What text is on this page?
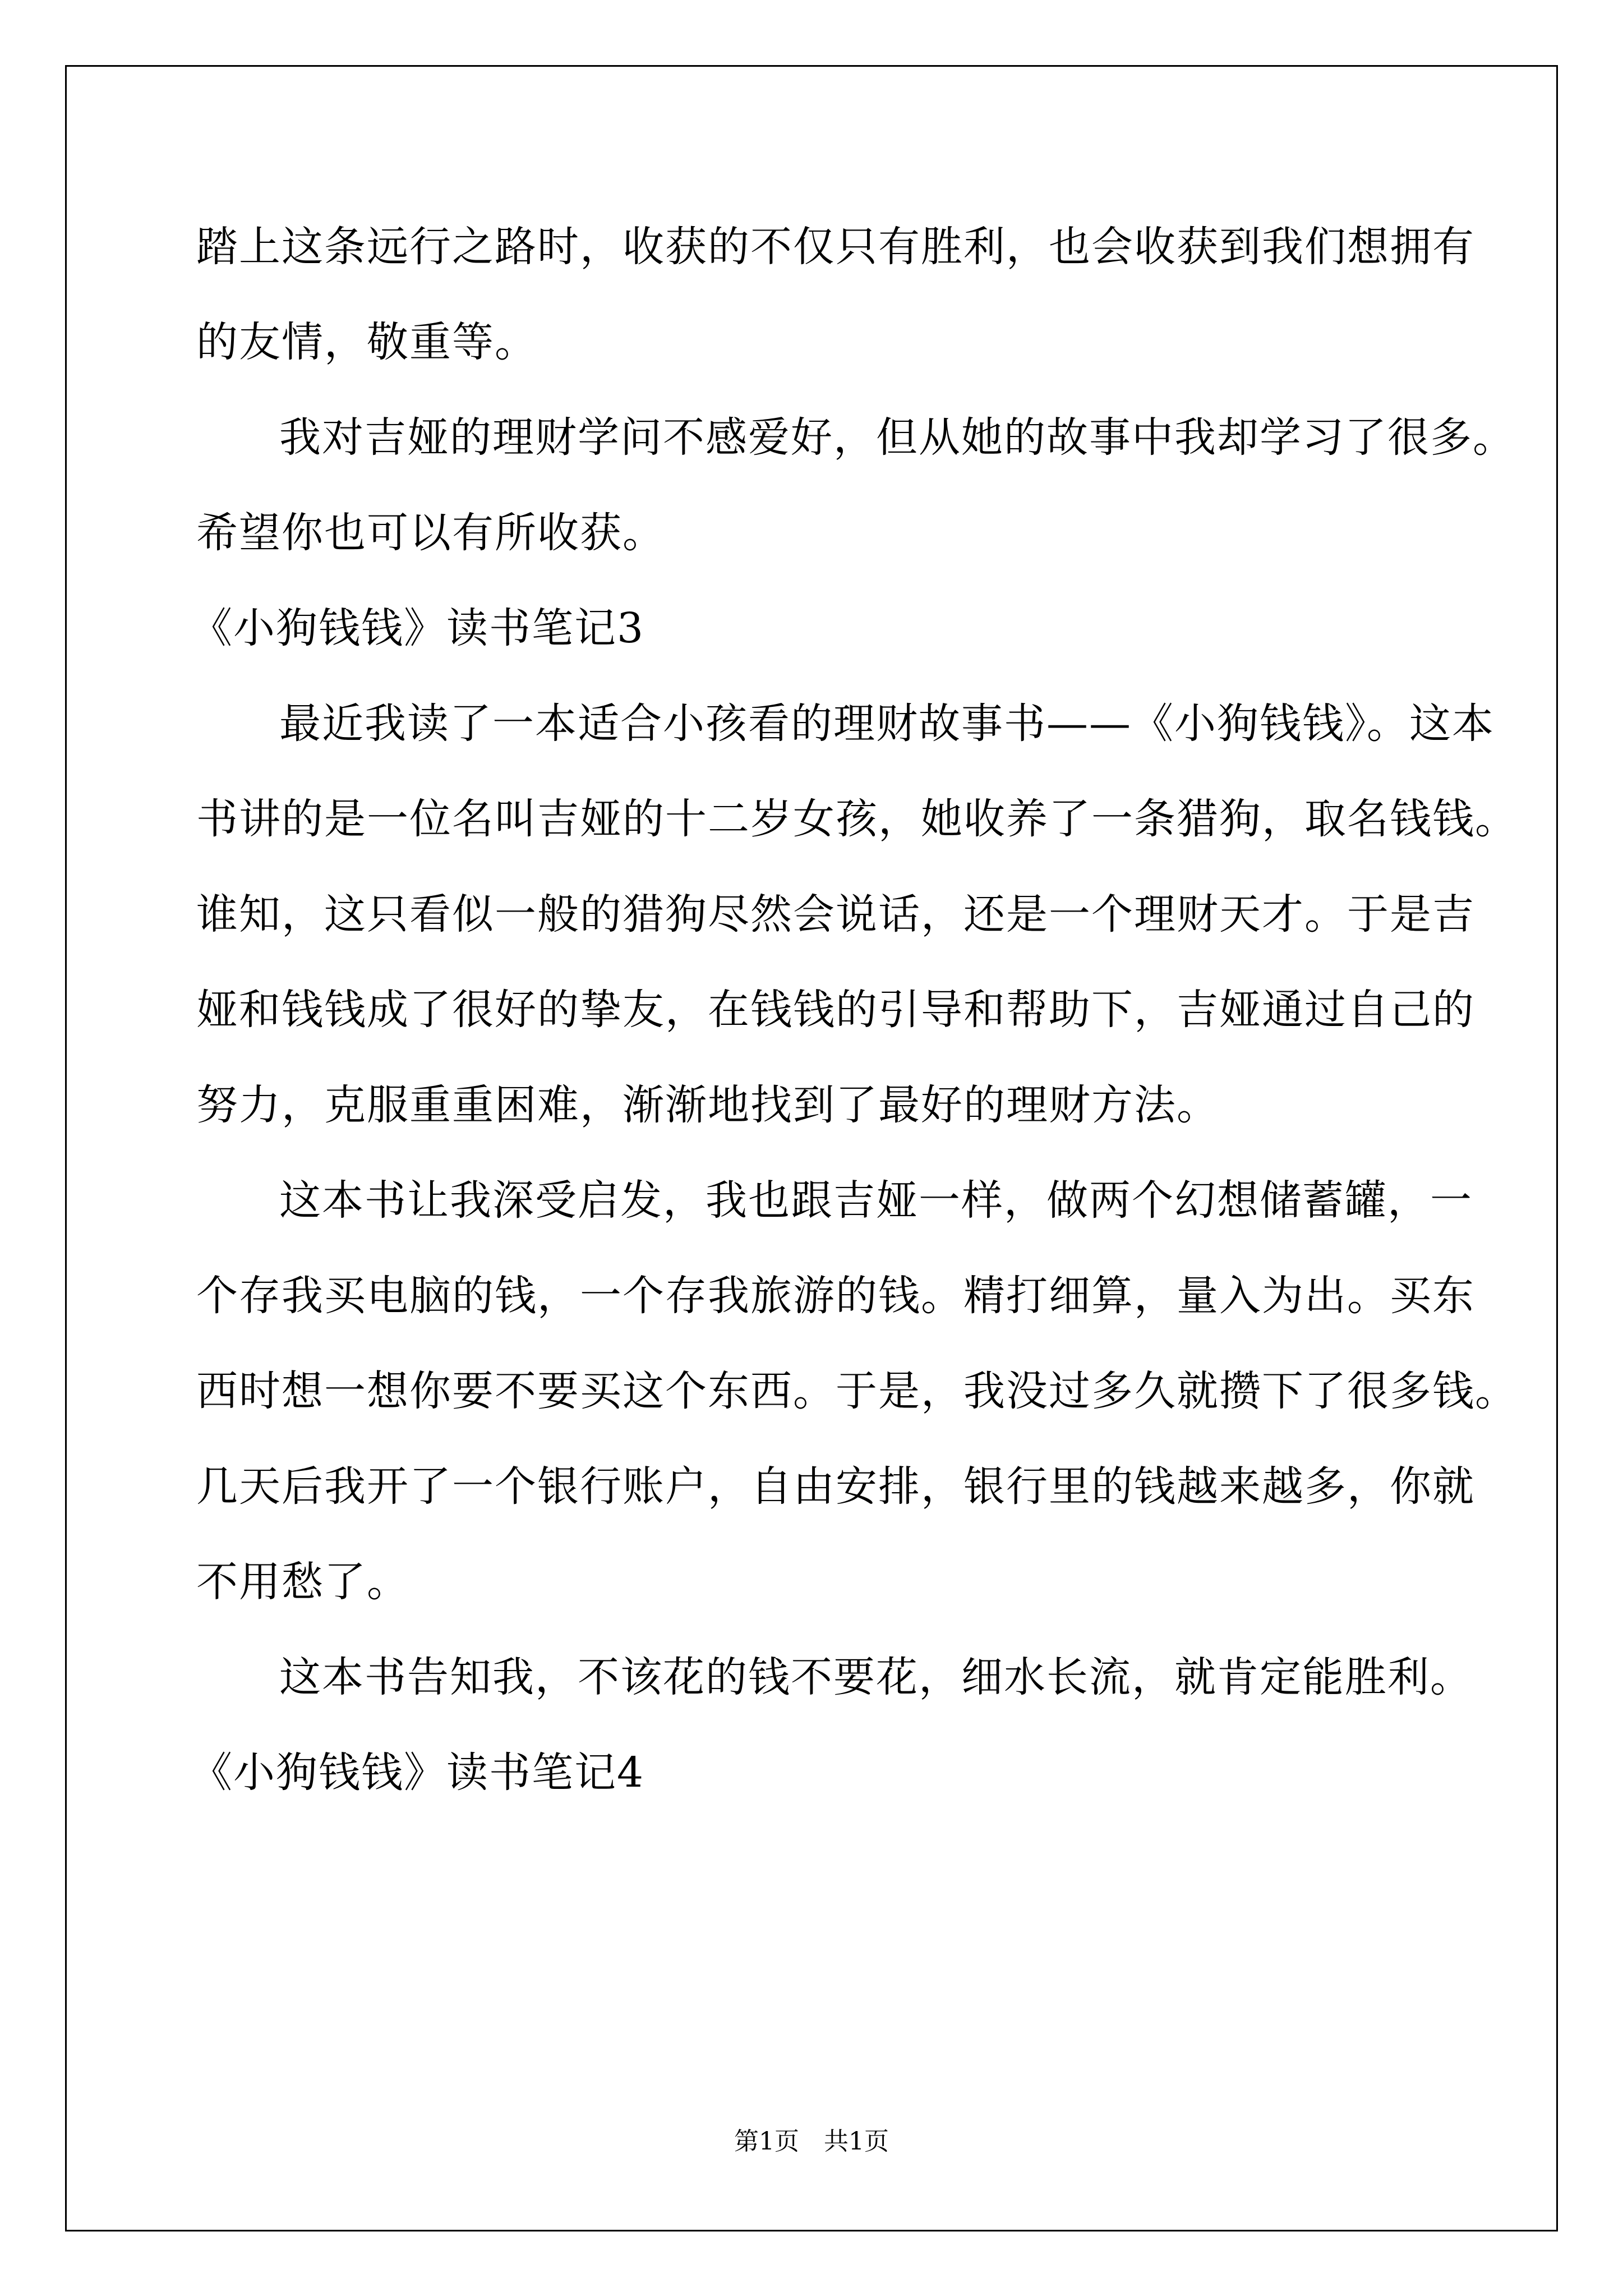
踏上这条远行之路时，收获的不仅只有胜利，也会收获到我们想拥有
的友情，敬重等。
我对吉娅的理财学问不感爱好，但从她的故事中我却学习了很多。
希望你也可以有所收获。
《小狗钱钱》读书笔记3
最近我读了一本适合小孩看的理财故事书——《小狗钱钱》。这本
书讲的是一位名叫吉娅的十二岁女孩，她收养了一条猎狗，取名钱钱。
谁知，这只看似一般的猎狗尽然会说话，还是一个理财天才。于是吉
娅和钱钱成了很好的挚友，在钱钱的引导和帮助下，吉娅通过自己的
努力，克服重重困难，渐渐地找到了最好的理财方法。
这本书让我深受启发，我也跟吉娅一样，做两个幻想储蓄罐，一
个存我买电脑的钱，一个存我旅游的钱。精打细算，量入为出。买东
西时想一想你要不要买这个东西。于是，我没过多久就攒下了很多钱。
几天后我开了一个银行账户，自由安排，银行里的钱越来越多，你就
不用愁了。
这本书告知我，不该花的钱不要花，细水长流，就肯定能胜利。
《小狗钱钱》读书笔记4
第1页　共1页
